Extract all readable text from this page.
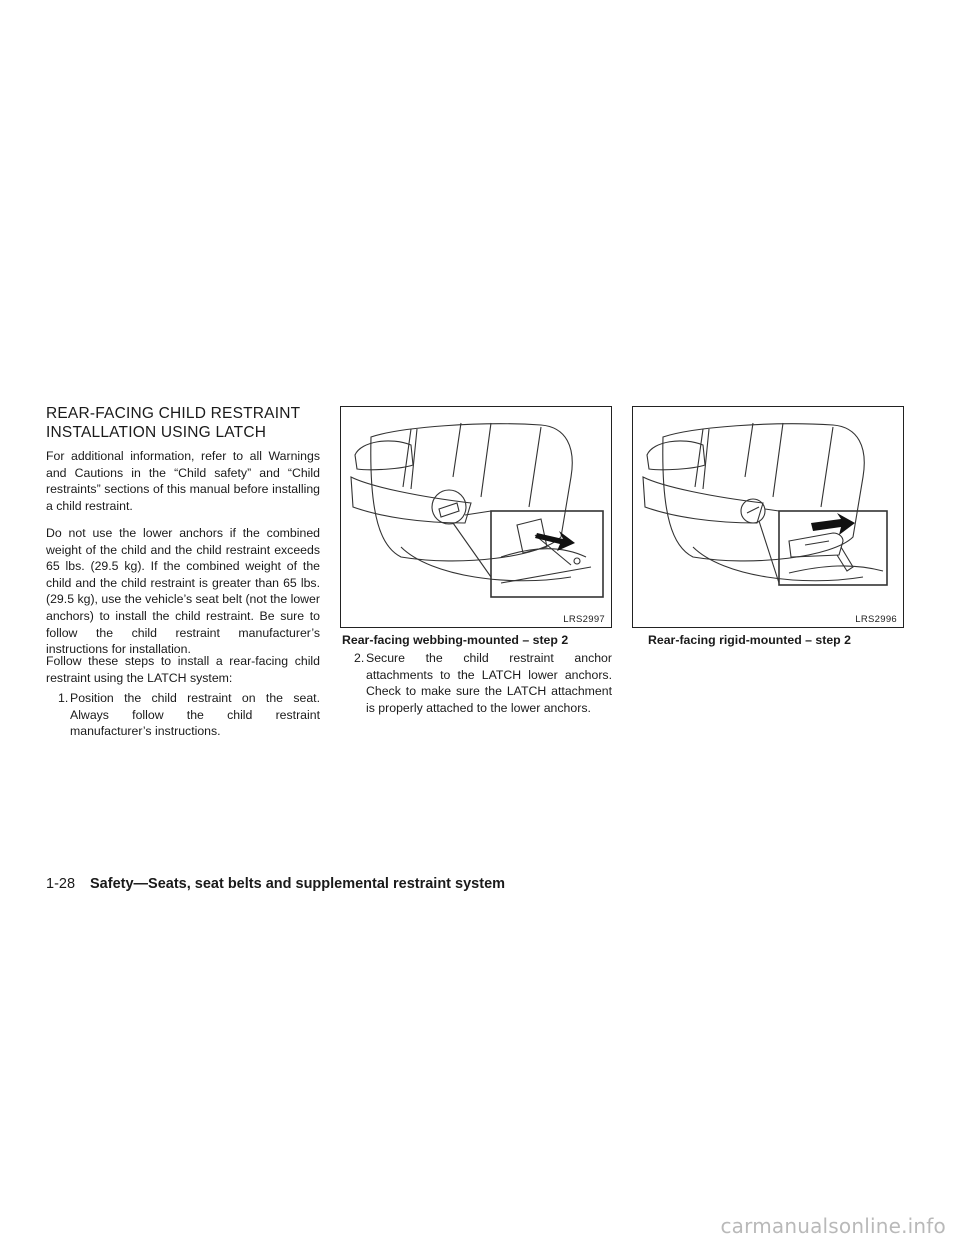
REAR-FACING CHILD RESTRAINT
INSTALLATION USING LATCH

For additional information, refer to all Warnings and Cautions in the “Child safety” and “Child restraints” sections of this manual before installing a child restraint.

Do not use the lower anchors if the combined weight of the child and the child restraint exceeds 65 lbs. (29.5 kg). If the combined weight of the child and the child restraint is greater than 65 lbs. (29.5 kg), use the vehicle’s seat belt (not the lower anchors) to install the child restraint. Be sure to follow the child restraint manufacturer’s instructions for installation.

Follow these steps to install a rear-facing child restraint using the LATCH system:

1. Position the child restraint on the seat. Always follow the child restraint manufacturer’s instructions.
LRS2997

Rear-facing webbing-mounted – step 2

2. Secure the child restraint anchor attachments to the LATCH lower anchors. Check to make sure the LATCH attachment is properly attached to the lower anchors.
LRS2996

Rear-facing rigid-mounted – step 2

1-28 Safety—Seats, seat belts and supplemental restraint system
carmanualsonline.info
